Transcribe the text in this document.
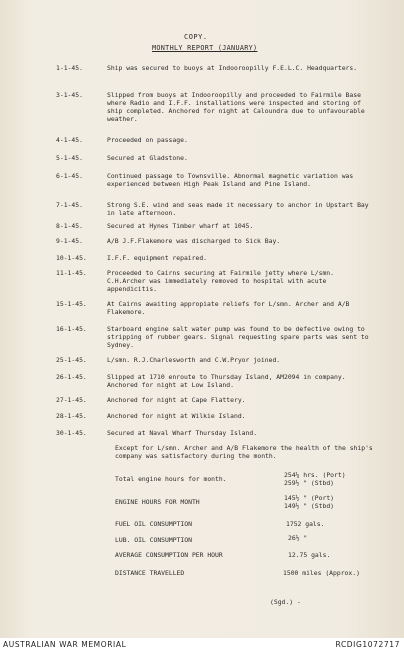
COPY.
MONTHLY REPORT (JANUARY)
1-1-45.	Ship was secured to buoys at Indooroopilly F.E.L.C. Headquarters.
3-1-45.	Slipped from buoys at Indooroopilly and proceeded to Fairmile Base where Radio and I.F.F. installations were inspected and storing of ship completed. Anchored for night at Caloundra due to unfavourable weather.
4-1-45.	Proceeded on passage.
5-1-45.	Secured at Gladstone.
6-1-45.	Continued passage to Townsville. Abnormal magnetic variation was experienced between High Peak Island and Pine Island.
7-1-45.	Strong S.E. wind and seas made it necessary to anchor in Upstart Bay in late afternoon.
8-1-45.	Secured at Hynes Timber wharf at 1045.
9-1-45.	A/B J.F.Flakemore was discharged to Sick Bay.
10-1-45.	I.F.F. equipment repaired.
11-1-45.	Proceeded to Cairns securing at Fairmile jetty where L/smn. C.H.Archer was immediately removed to hospital with acute appendicitis.
15-1-45.	At Cairns awaiting appropiate reliefs for L/smn. Archer and A/B Flakemore.
16-1-45.	Starboard engine salt water pump was found to be defective owing to stripping of rubber gears. Signal requesting spare parts was sent to Sydney.
25-1-45.	L/smn. R.J.Charlesworth and C.W.Pryor joined.
26-1-45.	Slipped at 1710 enroute to Thursday Island, AM2094 in company. Anchored for night at Low Island.
27-1-45.	Anchored for night at Cape Flattery.
28-1-45.	Anchored for night at Wilkie Island.
30-1-45.	Secured at Naval Wharf Thursday Island.
Except for L/smn. Archer and A/B Flakemore the health of the ship's company was satisfactory during the month.
Total engine hours for month.	254¼ hrs. (Port)
259½ " (Stbd)
ENGINE HOURS FOR MONTH	145½ " (Port)
149½ " (Stbd)
FUEL OIL CONSUMPTION	1752 gals.
LUB. OIL CONSUMPTION	26½ "
AVERAGE CONSUMPTION PER HOUR	12.75 gals.
DISTANCE TRAVELLED	1500 miles (Approx.)
(Sgd.) -
AUSTRALIAN WAR MEMORIAL	RCDIG1072717
